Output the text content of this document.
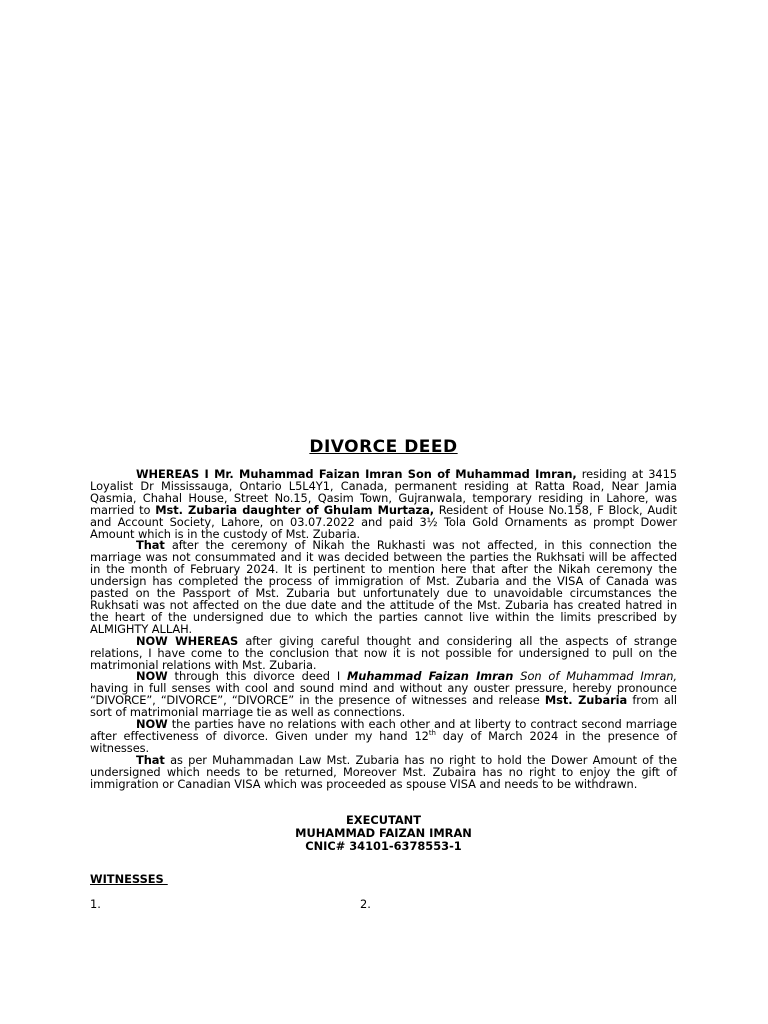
DIVORCE DEED

WHEREAS I Mr. Muhammad Faizan Imran Son of Muhammad Imran, residing at 3415 Loyalist Dr Mississauga, Ontario L5L4Y1, Canada, permanent residing at Ratta Road, Near Jamia Qasmia, Chahal House, Street No.15, Qasim Town, Gujranwala, temporary residing in Lahore, was married to Mst. Zubaria daughter of Ghulam Murtaza, Resident of House No.158, F Block, Audit and Account Society, Lahore, on 03.07.2022 and paid 3½ Tola Gold Ornaments as prompt Dower Amount which is in the custody of Mst. Zubaria.

That after the ceremony of Nikah the Rukhasti was not affected, in this connection the marriage was not consummated and it was decided between the parties the Rukhsati will be affected in the month of February 2024. It is pertinent to mention here that after the Nikah ceremony the undersign has completed the process of immigration of Mst. Zubaria and the VISA of Canada was pasted on the Passport of Mst. Zubaria but unfortunately due to unavoidable circumstances the Rukhsati was not affected on the due date and the attitude of the Mst. Zubaria has created hatred in the heart of the undersigned due to which the parties cannot live within the limits prescribed by ALMIGHTY ALLAH.

NOW WHEREAS after giving careful thought and considering all the aspects of strange relations, I have come to the conclusion that now it is not possible for undersigned to pull on the matrimonial relations with Mst. Zubaria.

NOW through this divorce deed I Muhammad Faizan Imran Son of Muhammad Imran, having in full senses with cool and sound mind and without any ouster pressure, hereby pronounce “DIVORCE”, “DIVORCE”, “DIVORCE” in the presence of witnesses and release Mst. Zubaria from all sort of matrimonial marriage tie as well as connections.

NOW the parties have no relations with each other and at liberty to contract second marriage after effectiveness of divorce. Given under my hand 12th day of March 2024 in the presence of witnesses.

That as per Muhammadan Law Mst. Zubaria has no right to hold the Dower Amount of the undersigned which needs to be returned, Moreover Mst. Zubaira has no right to enjoy the gift of immigration or Canadian VISA which was proceeded as spouse VISA and needs to be withdrawn.

EXECUTANT
MUHAMMAD FAIZAN IMRAN
CNIC# 34101-6378553-1
WITNESSES
1.	2.
